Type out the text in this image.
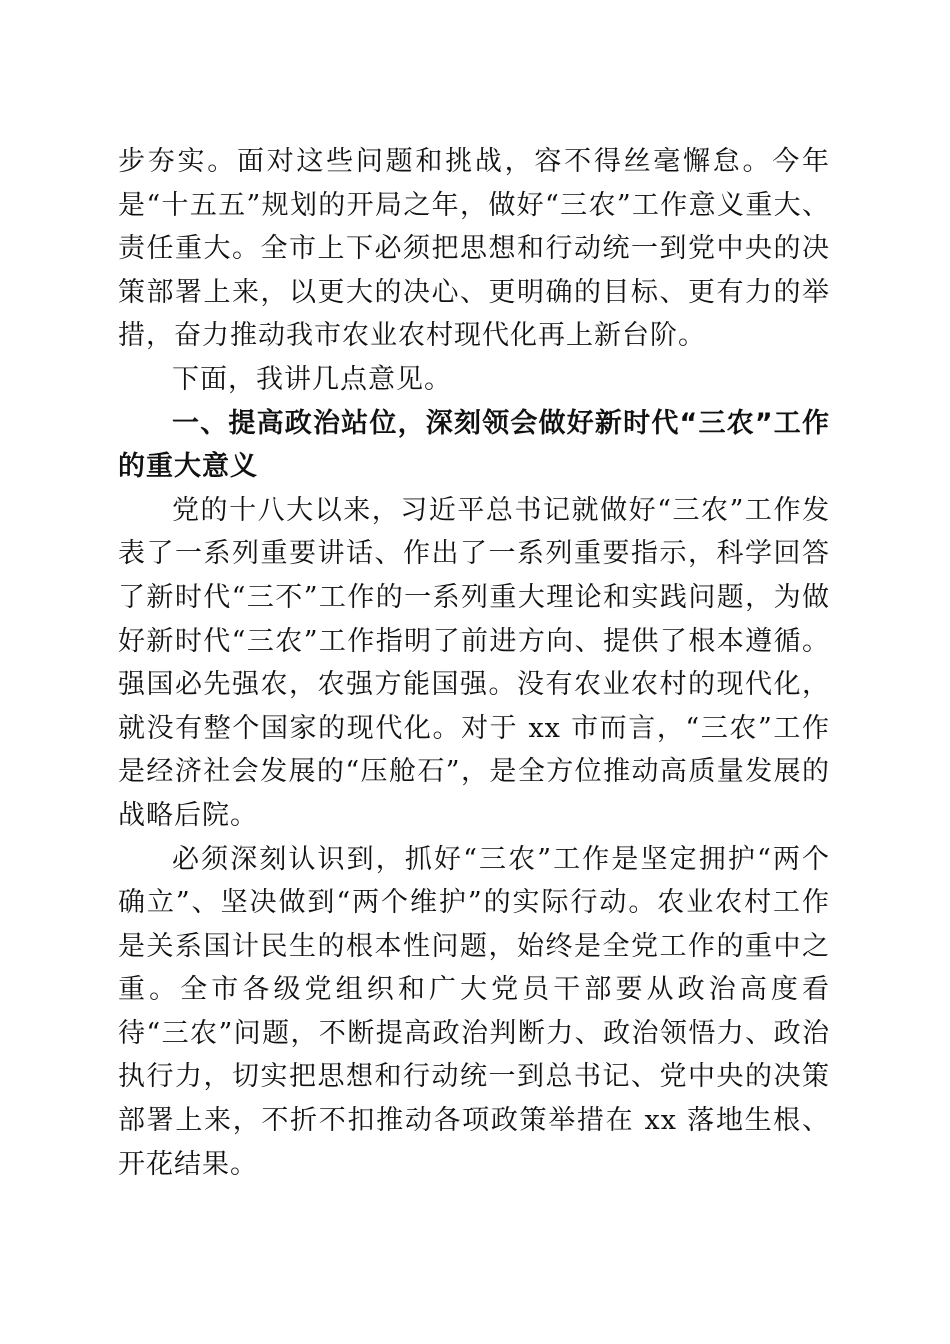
步夯实。面对这些问题和挑战，容不得丝毫懈怠。今年是“十五五”规划的开局之年，做好“三农”工作意义重大、责任重大。全市上下必须把思想和行动统一到党中央的决策部署上来，以更大的决心、更明确的目标、更有力的举措，奋力推动我市农业农村现代化再上新台阶。

下面，我讲几点意见。

一、提高政治站位，深刻领会做好新时代“三农”工作的重大意义

党的十八大以来，习近平总书记就做好“三农”工作发表了一系列重要讲话、作出了一系列重要指示，科学回答了新时代“三不”工作的一系列重大理论和实践问题，为做好新时代“三农”工作指明了前进方向、提供了根本遵循。强国必先强农，农强方能国强。没有农业农村的现代化，就没有整个国家的现代化。对于 xx 市而言，“三农”工作是经济社会发展的“压舱石”，是全方位推动高质量发展的战略后院。

必须深刻认识到，抓好“三农”工作是坚定拥护“两个确立”、坚决做到“两个维护”的实际行动。农业农村工作是关系国计民生的根本性问题，始终是全党工作的重中之重。全市各级党组织和广大党员干部要从政治高度看待“三农”问题，不断提高政治判断力、政治领悟力、政治执行力，切实把思想和行动统一到总书记、党中央的决策部署上来，不折不扣推动各项政策举措在 xx 落地生根、开花结果。
